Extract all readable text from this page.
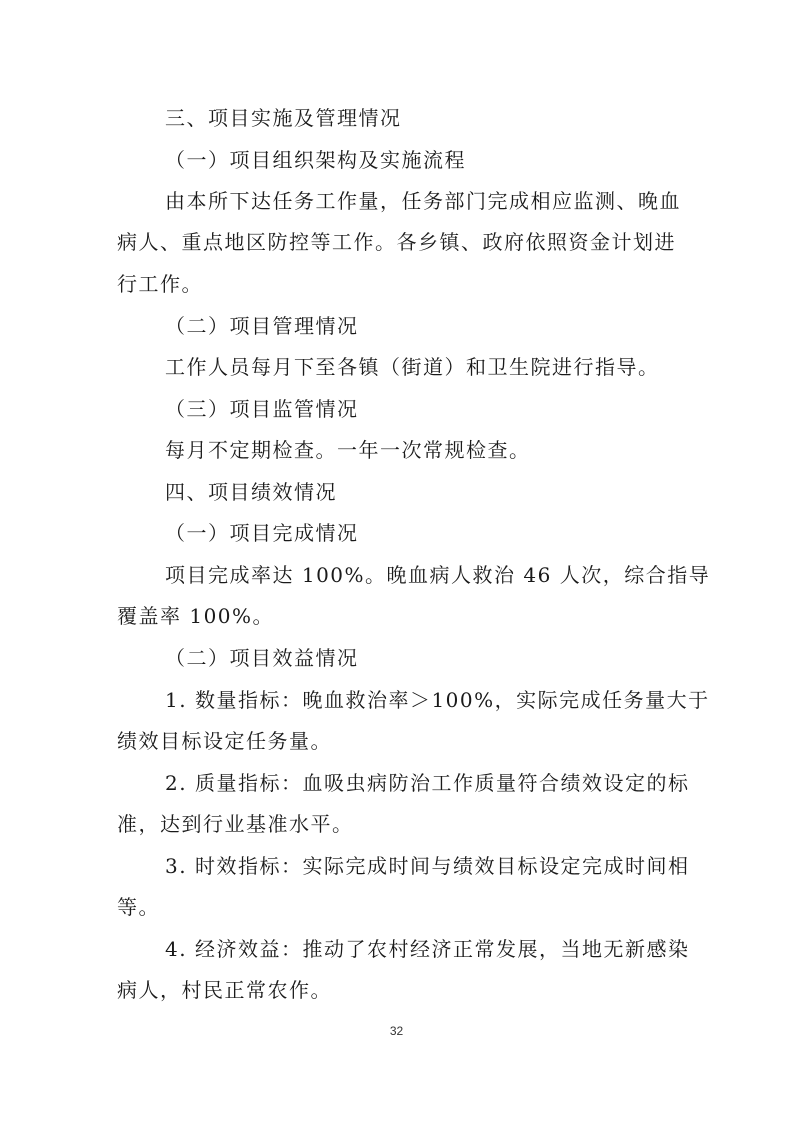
三、项目实施及管理情况
（一）项目组织架构及实施流程
由本所下达任务工作量，任务部门完成相应监测、晚血
病人、重点地区防控等工作。各乡镇、政府依照资金计划进
行工作。
（二）项目管理情况
工作人员每月下至各镇（街道）和卫生院进行指导。
（三）项目监管情况
每月不定期检查。一年一次常规检查。
四、项目绩效情况
（一）项目完成情况
项目完成率达 100%。晚血病人救治 46 人次，综合指导
覆盖率 100%。
（二）项目效益情况
1. 数量指标：晚血救治率＞100%，实际完成任务量大于
绩效目标设定任务量。
2. 质量指标：血吸虫病防治工作质量符合绩效设定的标
准，达到行业基准水平。
3. 时效指标：实际完成时间与绩效目标设定完成时间相
等。
4. 经济效益：推动了农村经济正常发展，当地无新感染
病人，村民正常农作。
32
